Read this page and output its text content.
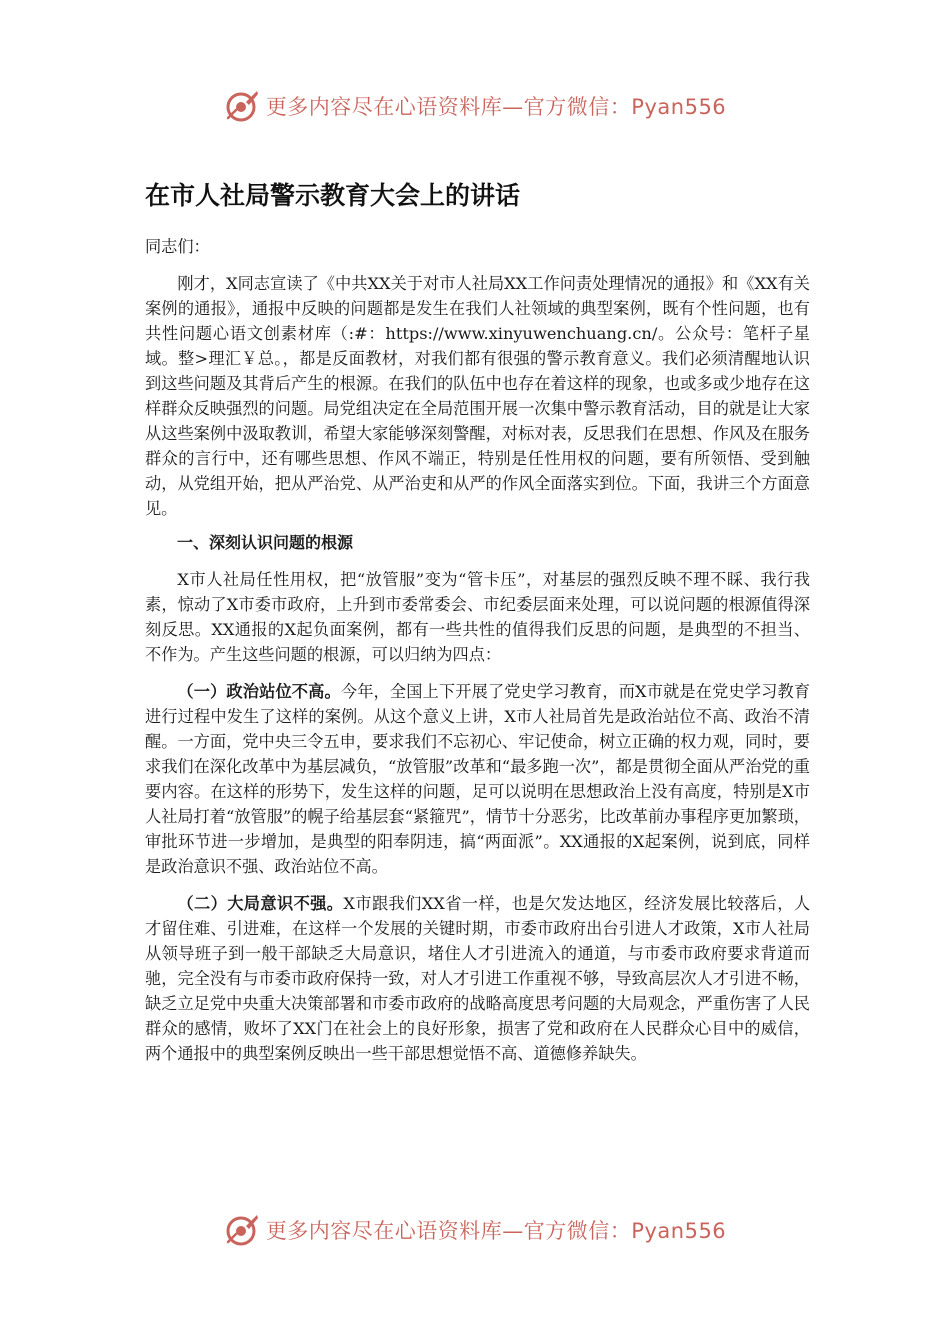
更多内容尽在心语资料库—官方微信：Pyan556
在市人社局警示教育大会上的讲话

同志们：

刚才，X同志宣读了《中共XX关于对市人社局XX工作问责处理情况的通报》和《XX有关案例的通报》，通报中反映的问题都是发生在我们人社领域的典型案例，既有个性问题，也有共性问题心语文创素材库（:#：https://www.xinyuwenchuang.cn/。公众号：笔杆子星域。整>理汇￥总。，都是反面教材，对我们都有很强的警示教育意义。我们必须清醒地认识到这些问题及其背后产生的根源。在我们的队伍中也存在着这样的现象，也或多或少地存在这样群众反映强烈的问题。局党组决定在全局范围开展一次集中警示教育活动，目的就是让大家从这些案例中汲取教训，希望大家能够深刻警醒，对标对表，反思我们在思想、作风及在服务群众的言行中，还有哪些思想、作风不端正，特别是任性用权的问题，要有所领悟、受到触动，从党组开始，把从严治党、从严治吏和从严的作风全面落实到位。下面，我讲三个方面意见。

一、深刻认识问题的根源

X市人社局任性用权，把“放管服”变为“管卡压”，对基层的强烈反映不理不睬、我行我素，惊动了X市委市政府，上升到市委常委会、市纪委层面来处理，可以说问题的根源值得深刻反思。XX通报的X起负面案例，都有一些共性的值得我们反思的问题，是典型的不担当、不作为。产生这些问题的根源，可以归纳为四点：

（一）政治站位不高。今年，全国上下开展了党史学习教育，而X市就是在党史学习教育进行过程中发生了这样的案例。从这个意义上讲，X市人社局首先是政治站位不高、政治不清醒。一方面，党中央三令五申，要求我们不忘初心、牢记使命，树立正确的权力观，同时，要求我们在深化改革中为基层减负，“放管服”改革和“最多跑一次”，都是贯彻全面从严治党的重要内容。在这样的形势下，发生这样的问题，足可以说明在思想政治上没有高度，特别是X市人社局打着“放管服”的幌子给基层套“紧箍咒”，情节十分恶劣，比改革前办事程序更加繁琐，审批环节进一步增加，是典型的阳奉阴违，搞“两面派”。XX通报的X起案例，说到底，同样是政治意识不强、政治站位不高。

（二）大局意识不强。X市跟我们XX省一样，也是欠发达地区，经济发展比较落后，人才留住难、引进难，在这样一个发展的关键时期，市委市政府出台引进人才政策，X市人社局从领导班子到一般干部缺乏大局意识，堵住人才引进流入的通道，与市委市政府要求背道而驰，完全没有与市委市政府保持一致，对人才引进工作重视不够，导致高层次人才引进不畅，缺乏立足党中央重大决策部署和市委市政府的战略高度思考问题的大局观念，严重伤害了人民群众的感情，败坏了XX门在社会上的良好形象，损害了党和政府在人民群众心目中的威信，两个通报中的典型案例反映出一些干部思想觉悟不高、道德修养缺失。

更多内容尽在心语资料库—官方微信：Pyan556
